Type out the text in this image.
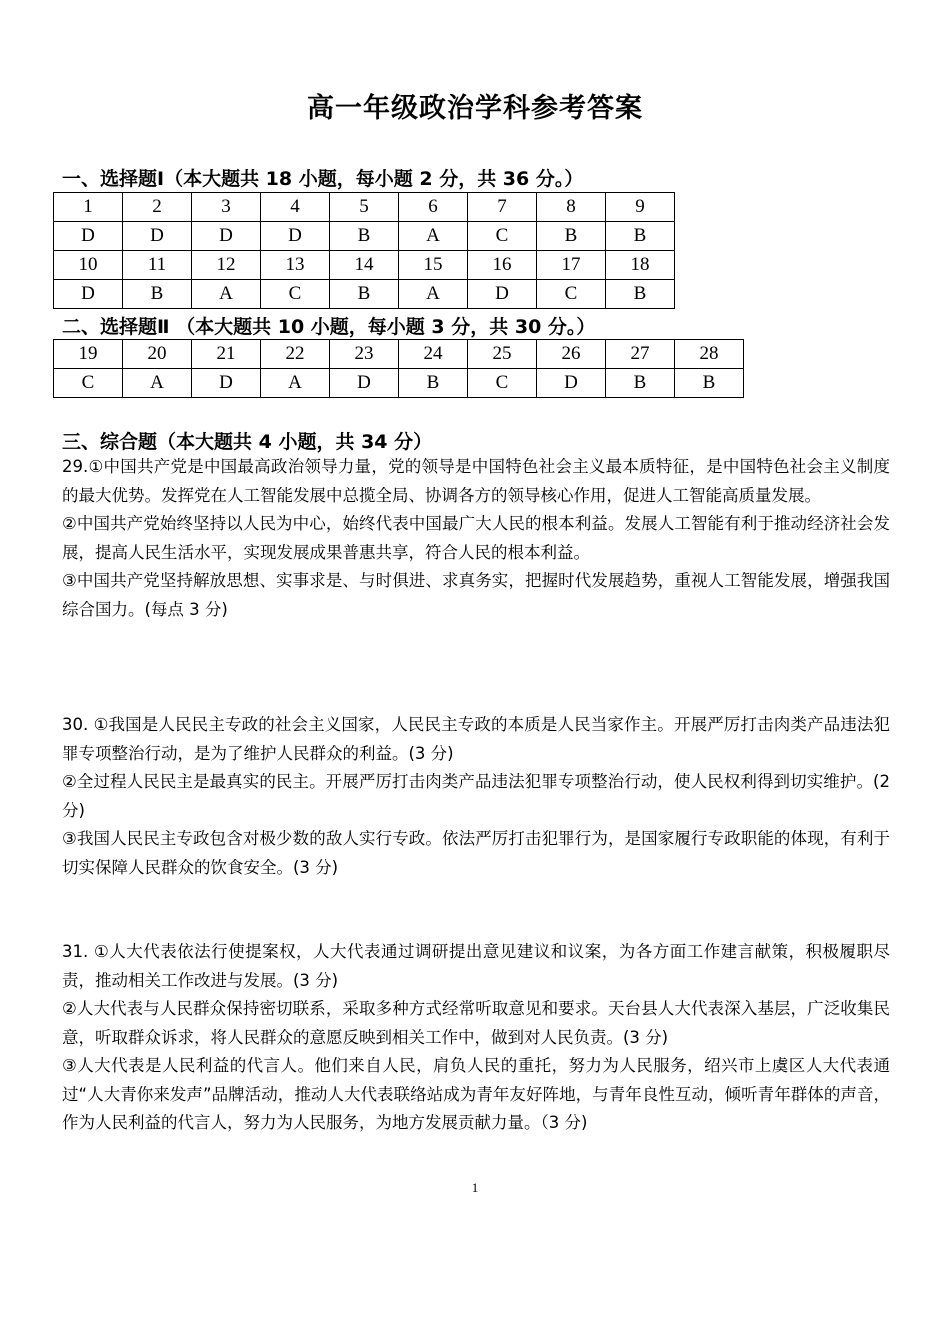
高一年级政治学科参考答案
一、选择题Ⅰ（本大题共 18 小题，每小题 2 分，共 36 分。）
1	2	3	4	5	6	7	8	9
D	D	D	D	B	A	C	B	B
10	11	12	13	14	15	16	17	18
D	B	A	C	B	A	D	C	B
二、选择题Ⅱ （本大题共 10 小题，每小题 3 分，共 30 分。）
19	20	21	22	23	24	25	26	27	28
C	A	D	A	D	B	C	D	B	B
三、综合题（本大题共 4 小题，共 34 分）

29.①中国共产党是中国最高政治领导力量，党的领导是中国特色社会主义最本质特征，是中国特色社会主义制度的最大优势。发挥党在人工智能发展中总揽全局、协调各方的领导核心作用，促进人工智能高质量发展。

②中国共产党始终坚持以人民为中心，始终代表中国最广大人民的根本利益。发展人工智能有利于推动经济社会发展，提高人民生活水平，实现发展成果普惠共享，符合人民的根本利益。

③中国共产党坚持解放思想、实事求是、与时俱进、求真务实，把握时代发展趋势，重视人工智能发展，增强我国综合国力。(每点 3 分)

30. ①我国是人民民主专政的社会主义国家，人民民主专政的本质是人民当家作主。开展严厉打击肉类产品违法犯罪专项整治行动，是为了维护人民群众的利益。(3 分)

②全过程人民民主是最真实的民主。开展严厉打击肉类产品违法犯罪专项整治行动，使人民权利得到切实维护。(2 分)

③我国人民民主专政包含对极少数的敌人实行专政。依法严厉打击犯罪行为，是国家履行专政职能的体现，有利于切实保障人民群众的饮食安全。(3 分)

31. ①人大代表依法行使提案权，人大代表通过调研提出意见建议和议案，为各方面工作建言献策，积极履职尽责，推动相关工作改进与发展。(3 分)

②人大代表与人民群众保持密切联系，采取多种方式经常听取意见和要求。天台县人大代表深入基层，广泛收集民意，听取群众诉求，将人民群众的意愿反映到相关工作中，做到对人民负责。(3 分)

③人大代表是人民利益的代言人。他们来自人民，肩负人民的重托，努力为人民服务，绍兴市上虞区人大代表通过“人大青你来发声”品牌活动，推动人大代表联络站成为青年友好阵地，与青年良性互动，倾听青年群体的声音，作为人民利益的代言人，努力为人民服务，为地方发展贡献力量。（3 分)

1
